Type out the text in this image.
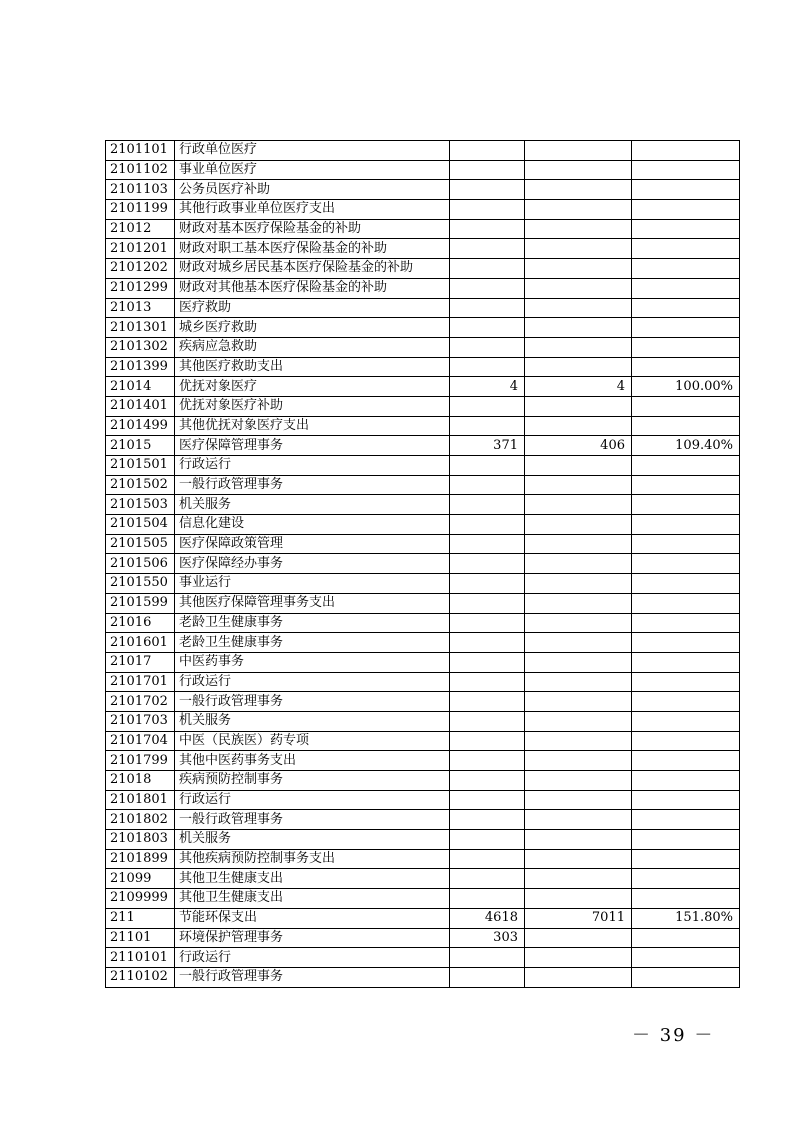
2101101	行政单位医疗			
2101102	事业单位医疗			
2101103	公务员医疗补助			
2101199	其他行政事业单位医疗支出			
21012	财政对基本医疗保险基金的补助			
2101201	财政对职工基本医疗保险基金的补助			
2101202	财政对城乡居民基本医疗保险基金的补助			
2101299	财政对其他基本医疗保险基金的补助			
21013	医疗救助			
2101301	城乡医疗救助			
2101302	疾病应急救助			
2101399	其他医疗救助支出			
21014	优抚对象医疗	4	4	100.00%
2101401	优抚对象医疗补助			
2101499	其他优抚对象医疗支出			
21015	医疗保障管理事务	371	406	109.40%
2101501	行政运行			
2101502	一般行政管理事务			
2101503	机关服务			
2101504	信息化建设			
2101505	医疗保障政策管理			
2101506	医疗保障经办事务			
2101550	事业运行			
2101599	其他医疗保障管理事务支出			
21016	老龄卫生健康事务			
2101601	老龄卫生健康事务			
21017	中医药事务			
2101701	行政运行			
2101702	一般行政管理事务			
2101703	机关服务			
2101704	中医（民族医）药专项			
2101799	其他中医药事务支出			
21018	疾病预防控制事务			
2101801	行政运行			
2101802	一般行政管理事务			
2101803	机关服务			
2101899	其他疾病预防控制事务支出			
21099	其他卫生健康支出			
2109999	其他卫生健康支出			
211	节能环保支出	4618	7011	151.80%
21101	环境保护管理事务	303		
2110101	行政运行			
2110102	一般行政管理事务			
－ 39 －
